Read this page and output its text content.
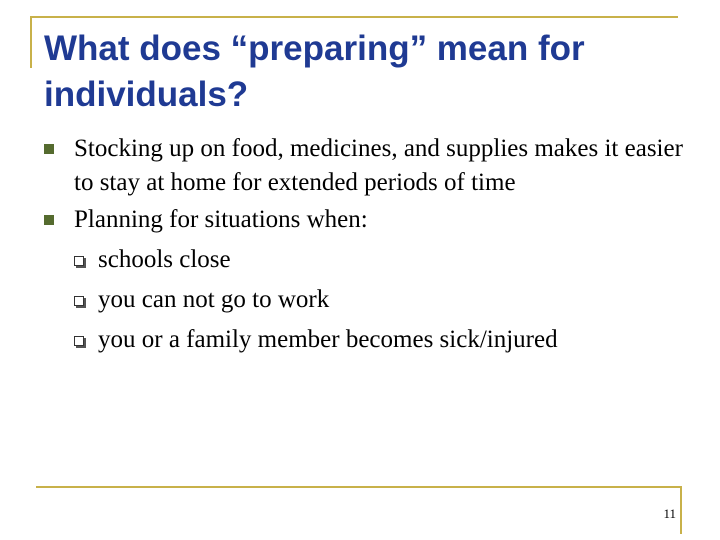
What does “preparing” mean for individuals?
Stocking up on food, medicines, and supplies makes it easier to stay at home for extended periods of time
Planning for situations when:
schools close
you can not go to work
you or a family member becomes sick/injured
11
